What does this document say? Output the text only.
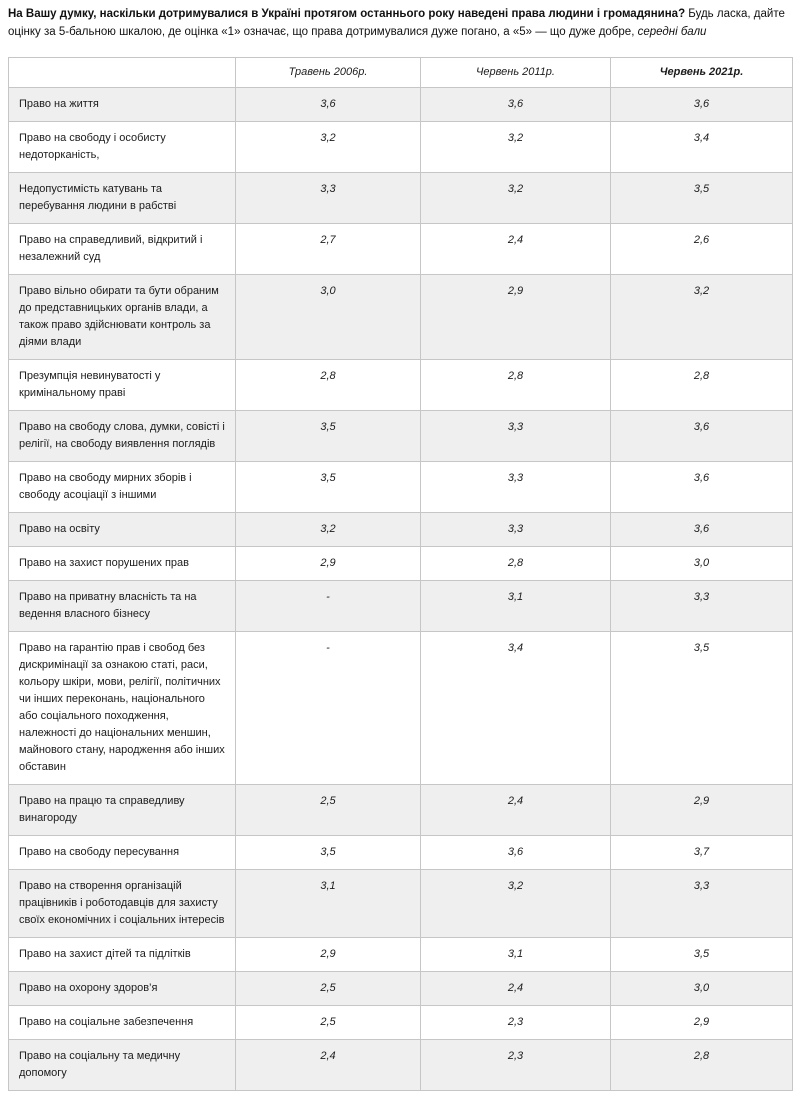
На Вашу думку, наскільки дотримувалися в Україні протягом останнього року наведені права людини і громадянина? Будь ласка, дайте оцінку за 5-бальною шкалою, де оцінка «1» означає, що права дотримувалися дуже погано, а «5» — що дуже добре, середні бали

	Травень 2006р.	Червень 2011р.	Червень 2021р.
Право на життя	3,6	3,6	3,6
Право на свободу і особисту недоторканість,	3,2	3,2	3,4
Недопустимість катувань та перебування людини в рабстві	3,3	3,2	3,5
Право на справедливий, відкритий і незалежний суд	2,7	2,4	2,6
Право вільно обирати та бути обраним до представницьких органів влади, а також право здійснювати контроль за діями влади	3,0	2,9	3,2
Презумпція невинуватості у кримінальному праві	2,8	2,8	2,8
Право на свободу слова, думки, совісті і релігії, на свободу виявлення поглядів	3,5	3,3	3,6
Право на свободу мирних зборів і свободу асоціації з іншими	3,5	3,3	3,6
Право на освіту	3,2	3,3	3,6
Право на захист порушених прав	2,9	2,8	3,0
Право на приватну власність та на ведення власного бізнесу	-	3,1	3,3
Право на гарантію прав і свобод без дискримінації за ознакою статі, раси, кольору шкіри, мови, релігії, політичних чи інших переконань, національного або соціального походження, належності до національних меншин, майнового стану, народження або інших обставин	-	3,4	3,5
Право на працю та справедливу винагороду	2,5	2,4	2,9
Право на свободу пересування	3,5	3,6	3,7
Право на створення організацій працівників і роботодавців для захисту своїх економічних і соціальних інтересів	3,1	3,2	3,3
Право на захист дітей та підлітків	2,9	3,1	3,5
Право на охорону здоров’я	2,5	2,4	3,0
Право на соціальне забезпечення	2,5	2,3	2,9
Право на соціальну та медичну допомогу	2,4	2,3	2,8
